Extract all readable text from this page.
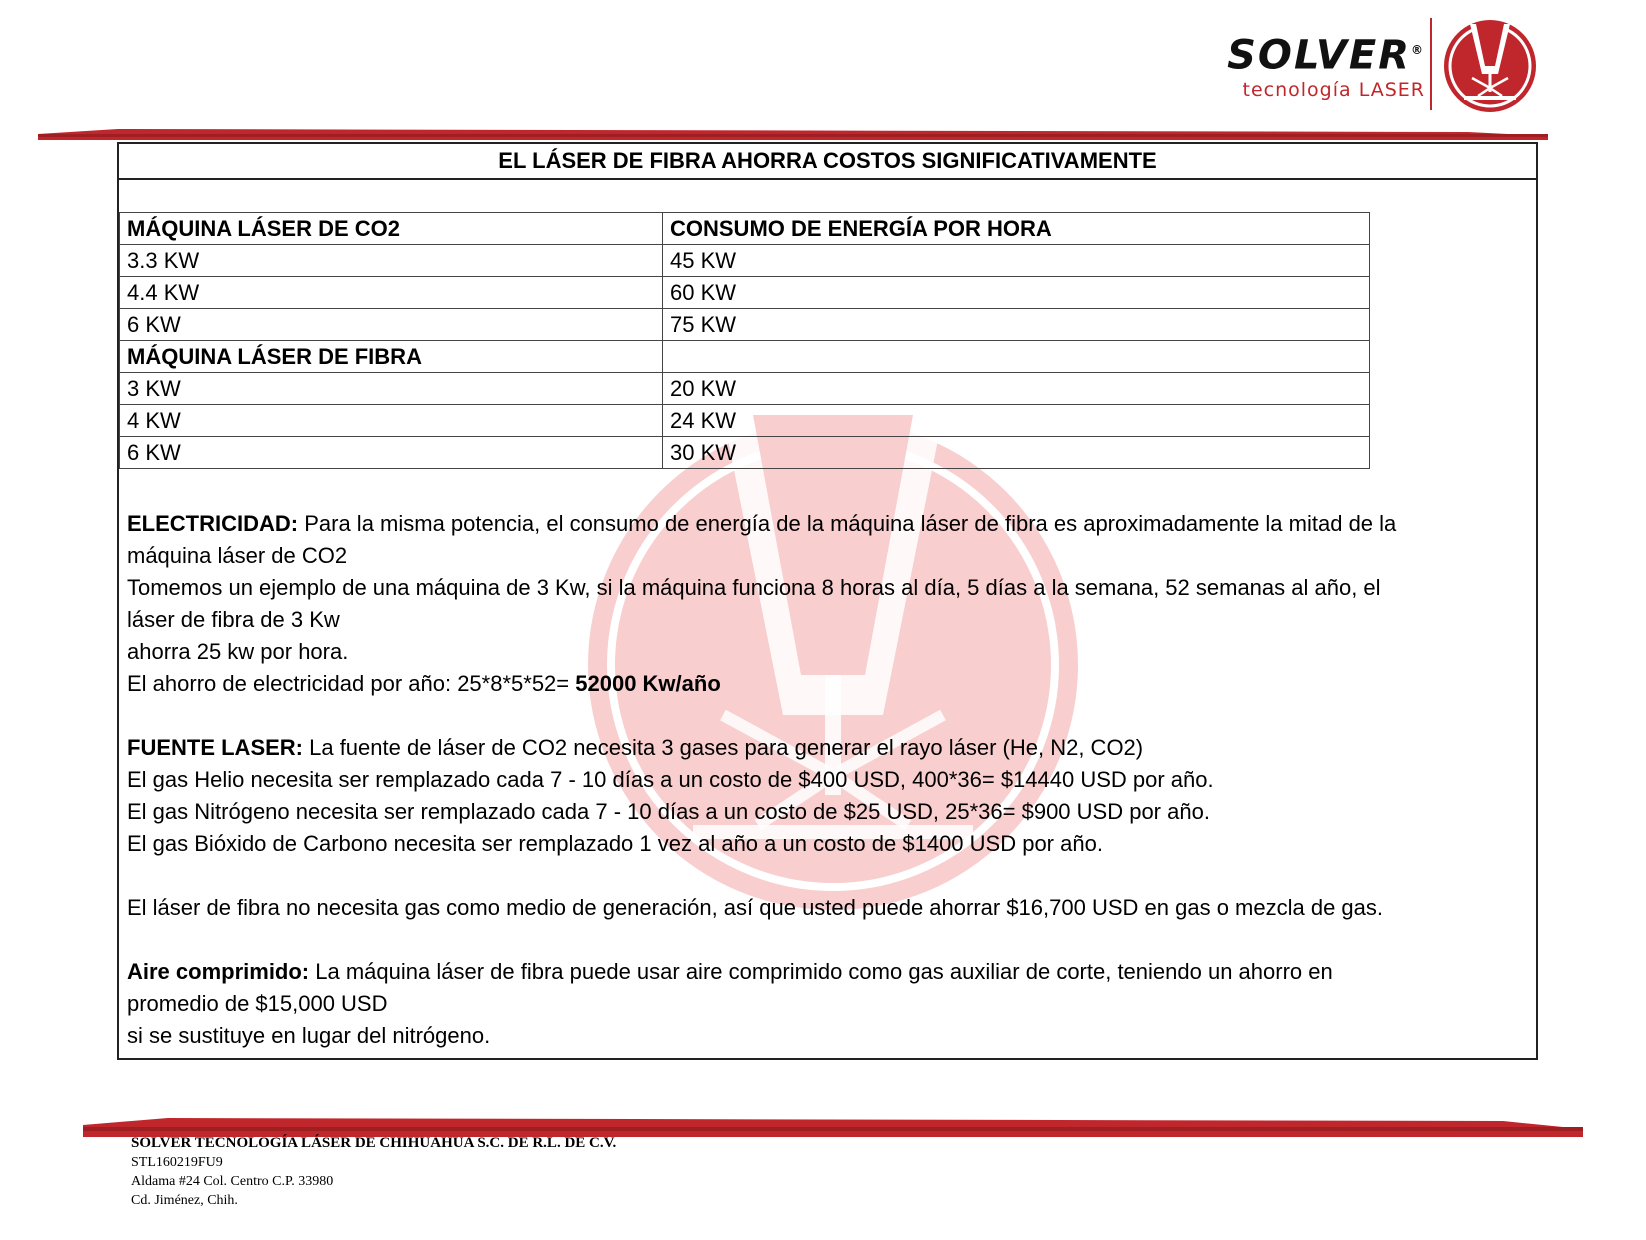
SOLVER®
tecnología LASER
EL LÁSER DE FIBRA AHORRA COSTOS SIGNIFICATIVAMENTE
MÁQUINA LÁSER DE CO2	CONSUMO DE ENERGÍA POR HORA
3.3 KW	45 KW
4.4 KW	60 KW
6 KW	75 KW
MÁQUINA LÁSER DE FIBRA	
3 KW	20 KW
4 KW	24 KW
6 KW	30 KW

ELECTRICIDAD: Para la misma potencia, el consumo de energía de la máquina láser de fibra es aproximadamente la mitad de la

máquina láser de CO2

Tomemos un ejemplo de una máquina de 3 Kw, si la máquina funciona 8 horas al día, 5 días a la semana, 52 semanas al año, el

láser de fibra de 3 Kw

ahorra 25 kw por hora.

El ahorro de electricidad por año: 25*8*5*52= 52000 Kw/año

FUENTE LASER: La fuente de láser de CO2 necesita 3 gases para generar el rayo láser (He, N2, CO2)

El gas Helio necesita ser remplazado cada 7 - 10 días a un costo de $400 USD, 400*36= $14440 USD por año.

El gas Nitrógeno necesita ser remplazado cada 7 - 10 días a un costo de $25 USD, 25*36= $900 USD por año.

El gas Bióxido de Carbono necesita ser remplazado 1 vez al año a un costo de $1400 USD por año.

El láser de fibra no necesita gas como medio de generación, así que usted puede ahorrar $16,700 USD en gas o mezcla de gas.

Aire comprimido: La máquina láser de fibra puede usar aire comprimido como gas auxiliar de corte, teniendo un ahorro en

promedio de $15,000 USD

si se sustituye en lugar del nitrógeno.

SOLVER TECNOLOGÍA LÁSER DE CHIHUAHUA S.C. DE R.L. DE C.V.
STL160219FU9
Aldama #24 Col. Centro C.P. 33980
Cd. Jiménez, Chih.
